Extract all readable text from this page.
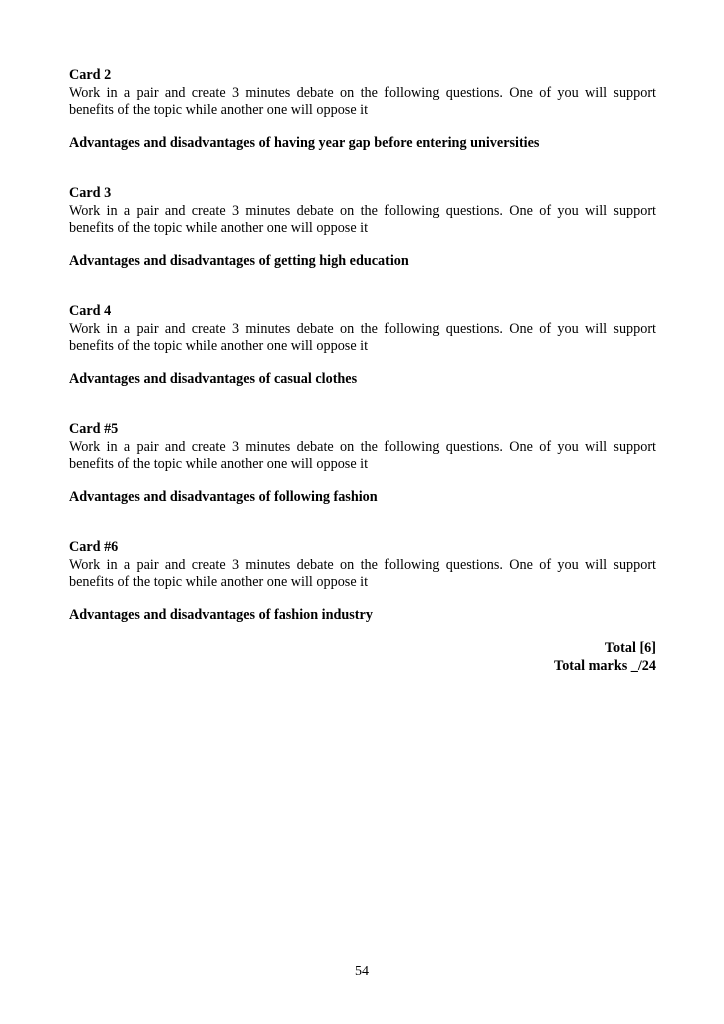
Card 2
Work in a pair and create 3 minutes debate on the following questions. One of you will support benefits of the topic while another one will oppose it
Advantages and disadvantages of having year gap before entering universities
Card 3
Work in a pair and create 3 minutes debate on the following questions. One of you will support benefits of the topic while another one will oppose it
Advantages and disadvantages of getting high education
Card 4
Work in a pair and create 3 minutes debate on the following questions. One of you will support benefits of the topic while another one will oppose it
Advantages and disadvantages of casual clothes
Card #5
Work in a pair and create 3 minutes debate on the following questions. One of you will support benefits of the topic while another one will oppose it
Advantages and disadvantages of following fashion
Card #6
Work in a pair and create 3 minutes debate on the following questions. One of you will support benefits of the topic while another one will oppose it
Advantages and disadvantages of fashion industry
Total [6]
Total marks _/24
54
